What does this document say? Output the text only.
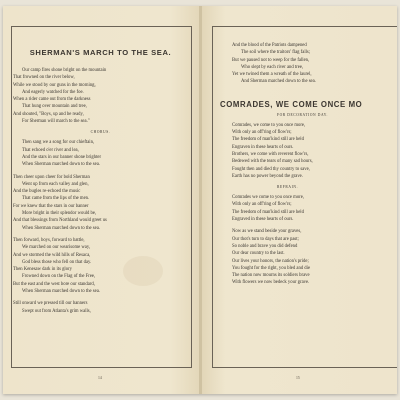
SHERMAN'S MARCH TO THE SEA.
Our camp fires shone bright on the mountain
That frowned on the river below,
While we stood by our guns in the morning,
And eagerly watched for the foe.
When a rider came out from the darkness
That hung over mountain and tree,
And shouted, "Boys, up and be ready,
For Sherman will march to the sea."
CHORUS.
Then sang we a song for our chieftain,
That echoed o'er river and lea,
And the stars in our banner shone brighter
When Sherman marched down to the sea.
Then cheer upon cheer for bold Sherman
Went up from each valley and glen,
And the bugles re-echoed the music
That came from the lips of the men.
For we knew that the stars in our banner
More bright in their splendor would be,
And that blessings from Northland would greet us
When Sherman marched down to the sea.
Then forward, boys, forward to battle,
We marched on our wearisome way,
And we stormed the wild hills of Resaca,
God bless those who fell on that day.
Then Kenesaw dark in its glory
Frowned down on the Flag of the Free,
But the east and the west bore our standard,
When Sherman marched down to the sea.
Still onward we pressed till our banners
Swept out from Atlanta's grim walls,
14
And the blood of the Patriots dampened
The soil where the traitors' flag falls;
But we paused not to weep for the fallen,
Who slept by each river and tree,
Yet we twined them a wreath of the laurel,
And Sherman marched down to the sea.
COMRADES, WE COME ONCE MO
FOR DECORATION DAY.
Comrades, we come to you once more,
With only an off'ring of flow'rs;
The freedom of man'kind still are held
Engraven in these hearts of ours.
Brothers, we come with reverent flow'rs,
Bedewed with the tears of many sad hours,
Fought then and died thy country to save,
Earth has no power beyond the grave.
REFRAIN.
Comrades we come to you once more,
With only an off'ring of flow'rs;
The freedom of man'kind still are held
Engraved in these hearts of ours.
Now as we stand beside your graves,
Our thot's turn to days that are past;
So noble and brave you did defend
Our dear country to the last.
Our lives your honors, the nation's pride;
You fought for the right, you bled and die
The nation now mourns its soldiers brave
With flowers we now bedeck your grave.
15
